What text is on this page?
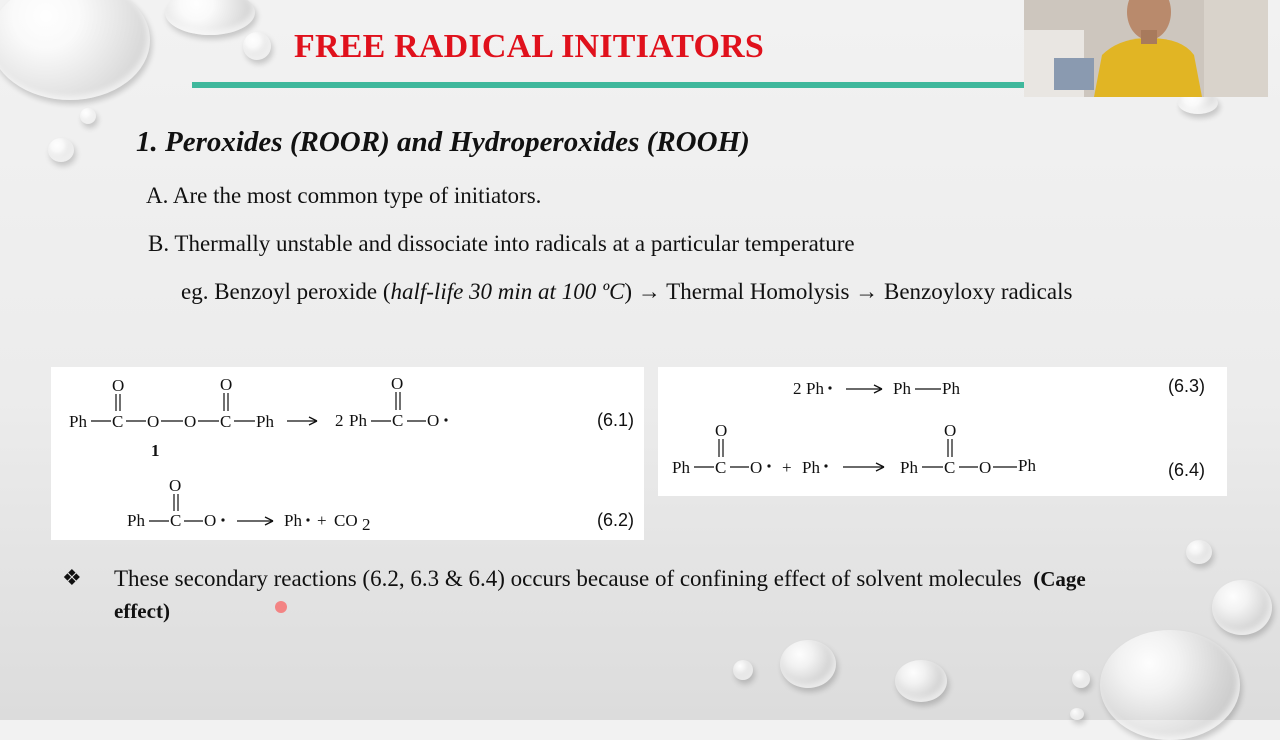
FREE RADICAL INITIATORS
1. Peroxides (ROOR) and Hydroperoxides (ROOH)
A. Are the most common type of initiators.
B. Thermally unstable and dissociate into radicals at a particular temperature
eg. Benzoyl peroxide (half-life 30 min at 100 ºC) → Thermal Homolysis → Benzoyloxy radicals
Ph C
O
O O C
O
Ph
1
2 Ph C
O
O	(6.1)
Ph C
O
O	Ph + CO 2	(6.2)
2 Ph	Ph Ph	(6.3)
Ph C
O
O + Ph	Ph C
O
O Ph	(6.4)
❖ These secondary reactions (6.2, 6.3 & 6.4) occurs because of confining effect of solvent molecules (Cage effect)
